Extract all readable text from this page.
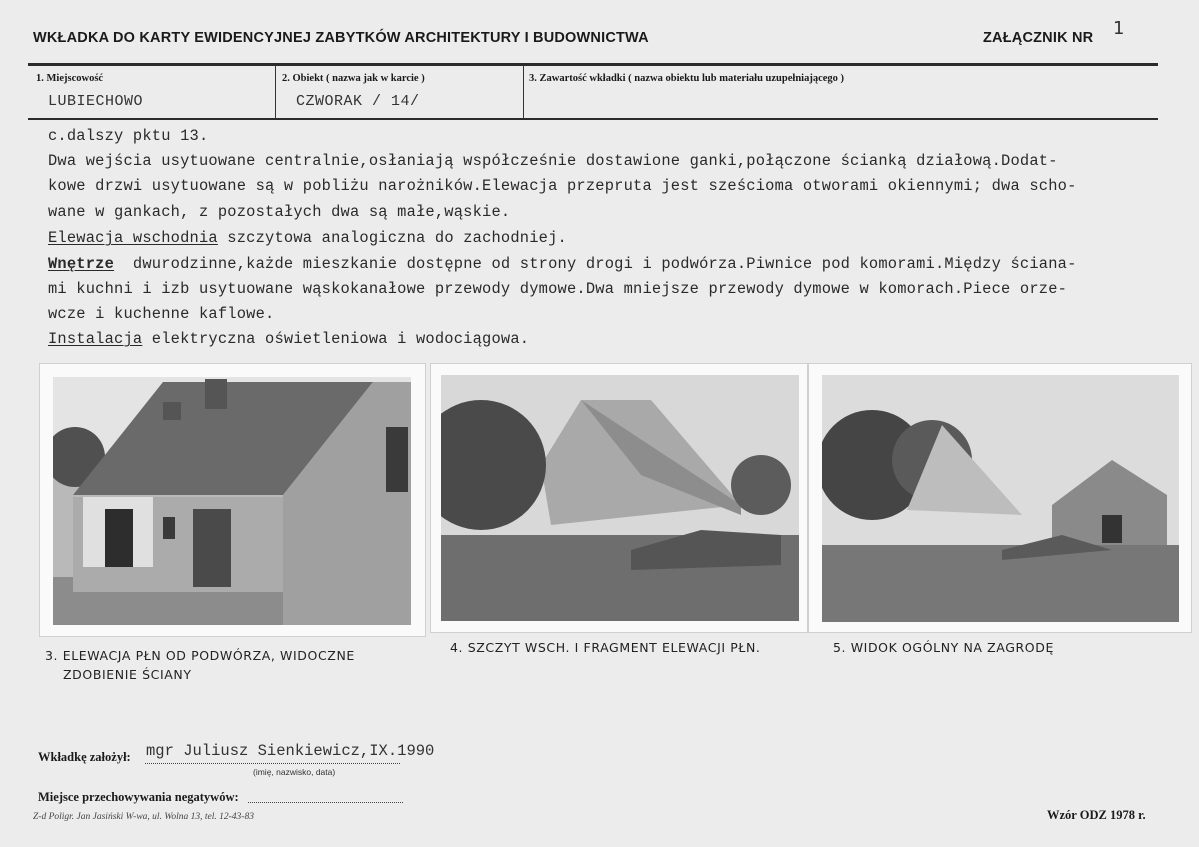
WKŁADKA DO KARTY EWIDENCYJNEJ ZABYTKÓW ARCHITEKTURY I BUDOWNICTWA	ZAŁĄCZNIK NR 1
1. Miejscowość
LUBIECHOWO
2. Obiekt ( nazwa jak w karcie )
CZWORAK / 14/
3. Zawartość wkładki ( nazwa obiektu lub materiału uzupełniającego )
c.dalszy pktu 13.
Dwa wejścia usytuowane centralnie,osłaniają współcześnie dostawione ganki,połączone ścianką działową.Dodat-
kowe drzwi usytuowane są w pobliżu narożników.Elewacja przepruta jest sześcioma otworami okiennymi; dwa scho-
wane w gankach, z pozostałych dwa są małe,wąskie.
Elewacja wschodnia szczytowa analogiczna do zachodniej.
Wnętrze  dwurodzinne,każde mieszkanie dostępne od strony drogi i podwórza.Piwnice pod komorami.Między ściana-
mi kuchni i izb usytuowane wąskokanałowe przewody dymowe.Dwa mniejsze przewody dymowe w komorach.Piece orze-
wcze i kuchenne kaflowe.
Instalacja elektryczna oświetleniowa i wodociągowa.
3. ELEWACJA PŁN OD PODWÓRZA, WIDOCZNE
ZDOBIENIE ŚCIANY
4. SZCZYT WSCH. I FRAGMENT ELEWACJI PŁN.	5. WIDOK OGÓLNY NA ZAGRODĘ
Wkładkę założył: mgr Juliusz Sienkiewicz,IX.1990
(imię, nazwisko, data)
Miejsce przechowywania negatywów:
Z-d Poligr. Jan Jasiński W-wa, ul. Wolna 13, tel. 12-43-83	Wzór ODZ 1978 r.
